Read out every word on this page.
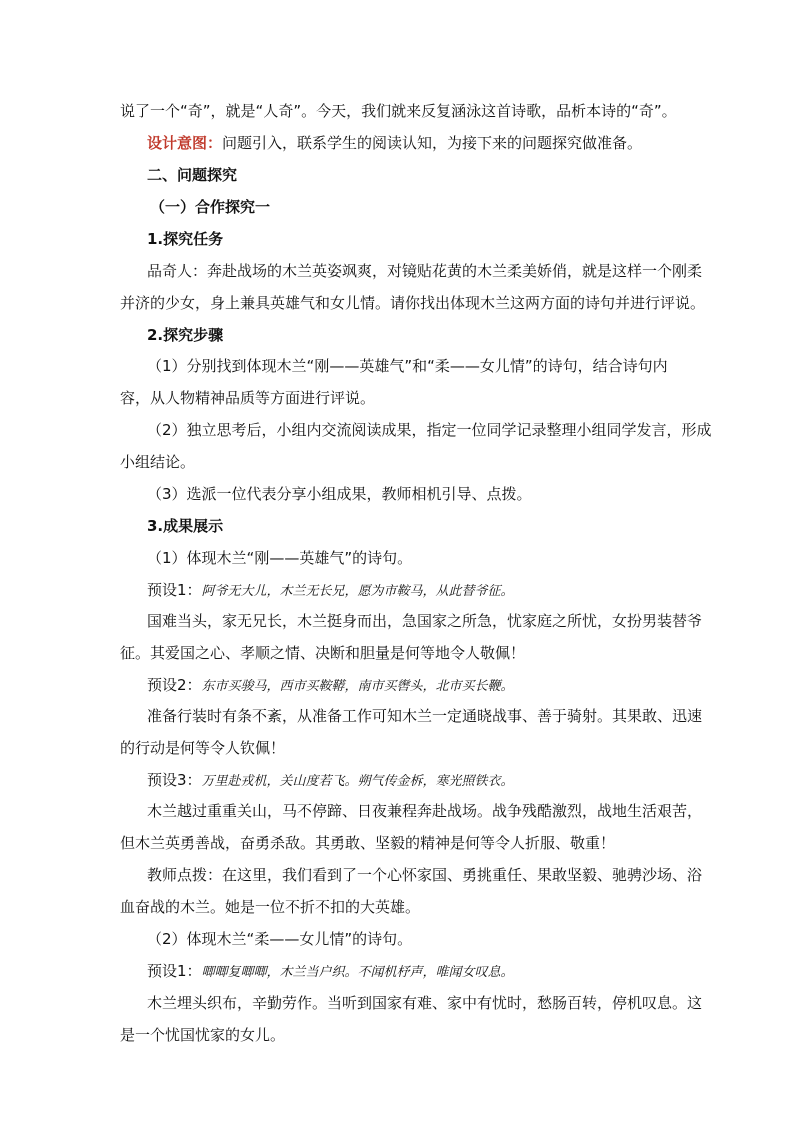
说了一个“奇”，就是“人奇”。今天，我们就来反复涵泳这首诗歌，品析本诗的“奇”。
设计意图：问题引入，联系学生的阅读认知，为接下来的问题探究做准备。
二、问题探究
（一）合作探究一
1.探究任务
品奇人：奔赴战场的木兰英姿飒爽，对镜贴花黄的木兰柔美娇俏，就是这样一个刚柔
并济的少女，身上兼具英雄气和女儿情。请你找出体现木兰这两方面的诗句并进行评说。
2.探究步骤
（1）分别找到体现木兰“刚——英雄气”和“柔——女儿情”的诗句，结合诗句内
容，从人物精神品质等方面进行评说。
（2）独立思考后，小组内交流阅读成果，指定一位同学记录整理小组同学发言，形成
小组结论。
（3）选派一位代表分享小组成果，教师相机引导、点拨。
3.成果展示
（1）体现木兰“刚——英雄气”的诗句。
预设1：阿爷无大儿，木兰无长兄，愿为市鞍马，从此替爷征。
国难当头，家无兄长，木兰挺身而出，急国家之所急，忧家庭之所忧，女扮男装替爷
征。其爱国之心、孝顺之情、决断和胆量是何等地令人敬佩！
预设2：东市买骏马，西市买鞍鞯，南市买辔头，北市买长鞭。
准备行装时有条不紊，从准备工作可知木兰一定通晓战事、善于骑射。其果敢、迅速
的行动是何等令人钦佩！
预设3：万里赴戎机，关山度若飞。朔气传金柝，寒光照铁衣。
木兰越过重重关山，马不停蹄、日夜兼程奔赴战场。战争残酷激烈，战地生活艰苦，
但木兰英勇善战，奋勇杀敌。其勇敢、坚毅的精神是何等令人折服、敬重！
教师点拨：在这里，我们看到了一个心怀家国、勇挑重任、果敢坚毅、驰骋沙场、浴
血奋战的木兰。她是一位不折不扣的大英雄。
（2）体现木兰“柔——女儿情”的诗句。
预设1：唧唧复唧唧，木兰当户织。不闻机杼声，唯闻女叹息。
木兰埋头织布，辛勤劳作。当听到国家有难、家中有忧时，愁肠百转，停机叹息。这
是一个忧国忧家的女儿。
